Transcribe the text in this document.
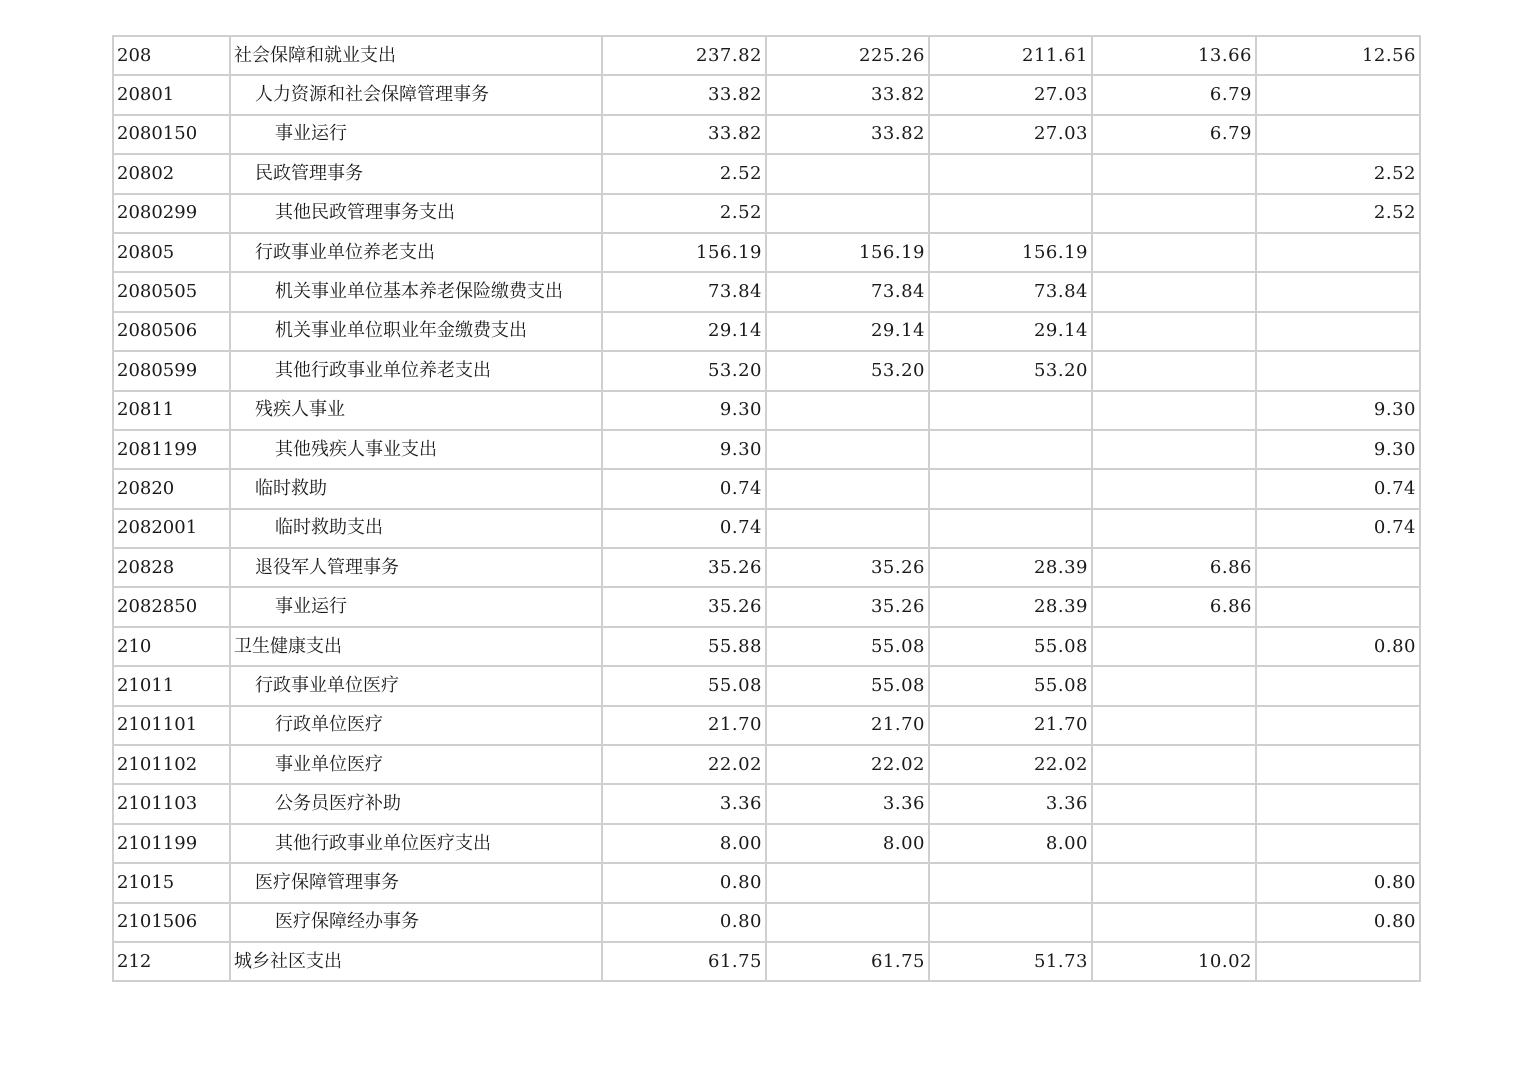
208	社会保障和就业支出	237.82	225.26	211.61	13.66	12.56
20801	人力资源和社会保障管理事务	33.82	33.82	27.03	6.79	
2080150	事业运行	33.82	33.82	27.03	6.79	
20802	民政管理事务	2.52				2.52
2080299	其他民政管理事务支出	2.52				2.52
20805	行政事业单位养老支出	156.19	156.19	156.19		
2080505	机关事业单位基本养老保险缴费支出	73.84	73.84	73.84		
2080506	机关事业单位职业年金缴费支出	29.14	29.14	29.14		
2080599	其他行政事业单位养老支出	53.20	53.20	53.20		
20811	残疾人事业	9.30				9.30
2081199	其他残疾人事业支出	9.30				9.30
20820	临时救助	0.74				0.74
2082001	临时救助支出	0.74				0.74
20828	退役军人管理事务	35.26	35.26	28.39	6.86	
2082850	事业运行	35.26	35.26	28.39	6.86	
210	卫生健康支出	55.88	55.08	55.08		0.80
21011	行政事业单位医疗	55.08	55.08	55.08		
2101101	行政单位医疗	21.70	21.70	21.70		
2101102	事业单位医疗	22.02	22.02	22.02		
2101103	公务员医疗补助	3.36	3.36	3.36		
2101199	其他行政事业单位医疗支出	8.00	8.00	8.00		
21015	医疗保障管理事务	0.80				0.80
2101506	医疗保障经办事务	0.80				0.80
212	城乡社区支出	61.75	61.75	51.73	10.02	
